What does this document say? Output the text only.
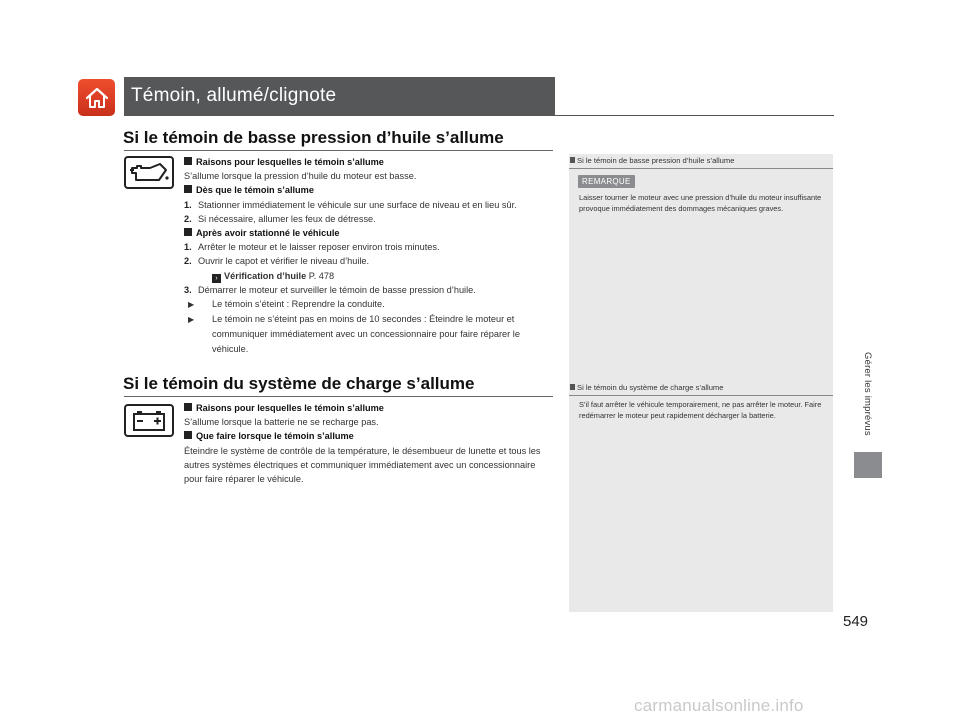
Témoin, allumé/clignote
Si le témoin de basse pression d’huile s’allume

Raisons pour lesquelles le témoin s’allume

S’allume lorsque la pression d’huile du moteur est basse.

Dès que le témoin s’allume

1. Stationner immédiatement le véhicule sur une surface de niveau et en lieu sûr.

2. Si nécessaire, allumer les feux de détresse.

Après avoir stationné le véhicule

1. Arrêter le moteur et le laisser reposer environ trois minutes.

2. Ouvrir le capot et vérifier le niveau d’huile.

› Vérification d’huile P. 478

3. Démarrer le moteur et surveiller le témoin de basse pression d’huile.

▶ Le témoin s’éteint : Reprendre la conduite.

▶ Le témoin ne s’éteint pas en moins de 10 secondes : Éteindre le moteur et communiquer immédiatement avec un concessionnaire pour faire réparer le véhicule.

Si le témoin du système de charge s’allume

Raisons pour lesquelles le témoin s’allume

S’allume lorsque la batterie ne se recharge pas.

Que faire lorsque le témoin s’allume

Éteindre le système de contrôle de la température, le désembueur de lunette et tous les autres systèmes électriques et communiquer immédiatement avec un concessionnaire pour faire réparer le véhicule.

Si le témoin de basse pression d’huile s’allume
REMARQUE
Laisser tourner le moteur avec une pression d’huile du moteur insuffisante provoque immédiatement des dommages mécaniques graves.
Si le témoin du système de charge s’allume
S’il faut arrêter le véhicule temporairement, ne pas arrêter le moteur. Faire redémarrer le moteur peut rapidement décharger la batterie.	Gérer les imprévus
549
carmanualsonline.info
